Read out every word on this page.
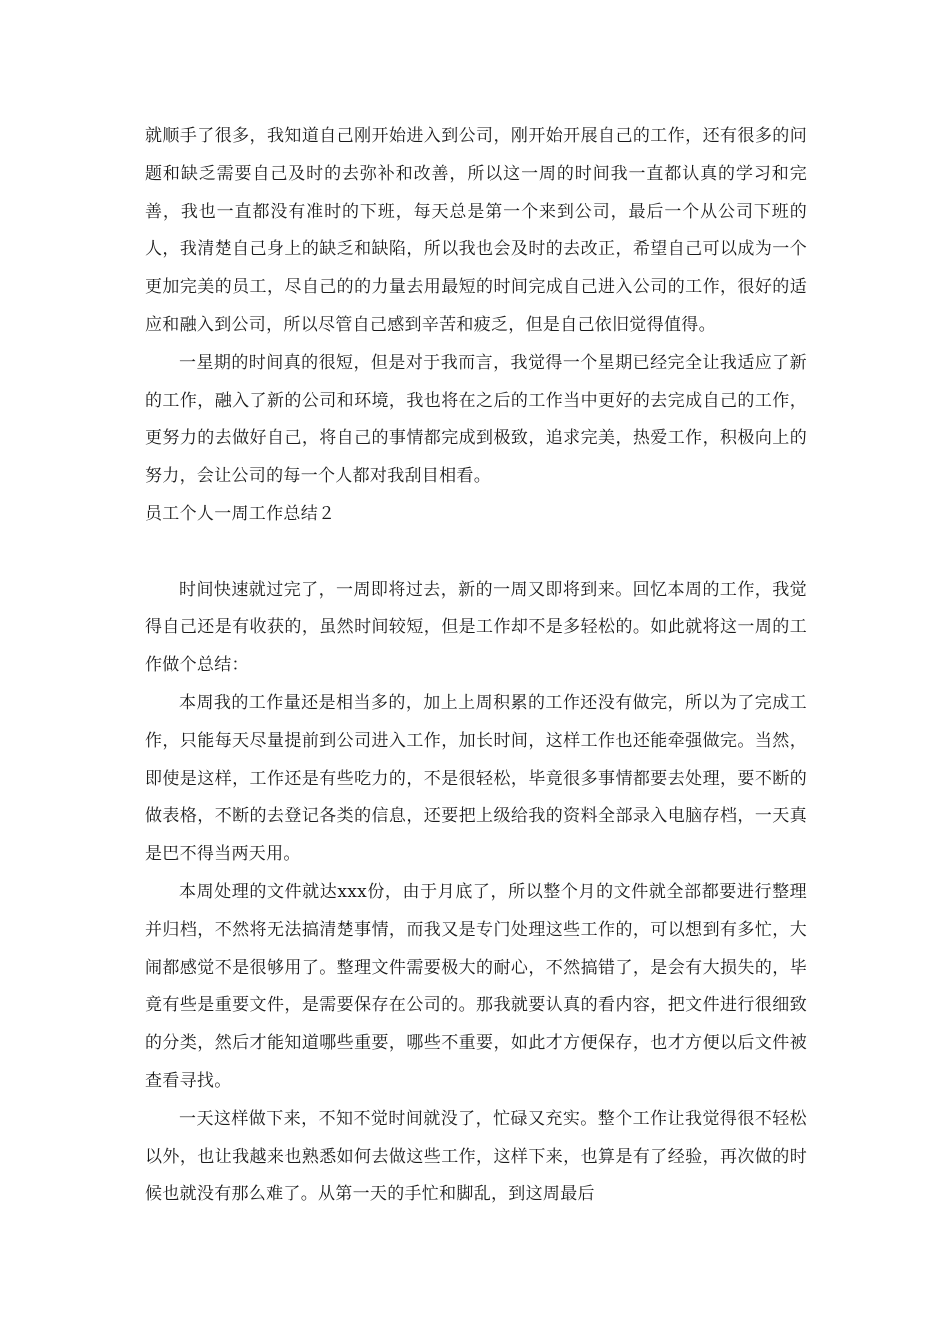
就顺手了很多，我知道自己刚开始进入到公司，刚开始开展自己的工作，还有很多的问题和缺乏需要自己及时的去弥补和改善，所以这一周的时间我一直都认真的学习和完善，我也一直都没有准时的下班，每天总是第一个来到公司，最后一个从公司下班的人，我清楚自己身上的缺乏和缺陷，所以我也会及时的去改正，希望自己可以成为一个更加完美的员工，尽自己的的力量去用最短的时间完成自己进入公司的工作，很好的适应和融入到公司，所以尽管自己感到辛苦和疲乏，但是自己依旧觉得值得。

一星期的时间真的很短，但是对于我而言，我觉得一个星期已经完全让我适应了新的工作，融入了新的公司和环境，我也将在之后的工作当中更好的去完成自己的工作，更努力的去做好自己，将自己的事情都完成到极致，追求完美，热爱工作，积极向上的努力，会让公司的每一个人都对我刮目相看。

员工个人一周工作总结２

时间快速就过完了，一周即将过去，新的一周又即将到来。回忆本周的工作，我觉得自己还是有收获的，虽然时间较短，但是工作却不是多轻松的。如此就将这一周的工作做个总结：

本周我的工作量还是相当多的，加上上周积累的工作还没有做完，所以为了完成工作，只能每天尽量提前到公司进入工作，加长时间，这样工作也还能牵强做完。当然，即使是这样，工作还是有些吃力的，不是很轻松，毕竟很多事情都要去处理，要不断的做表格，不断的去登记各类的信息，还要把上级给我的资料全部录入电脑存档，一天真是巴不得当两天用。

本周处理的文件就达xxx份，由于月底了，所以整个月的文件就全部都要进行整理并归档，不然将无法搞清楚事情，而我又是专门处理这些工作的，可以想到有多忙，大闹都感觉不是很够用了。整理文件需要极大的耐心，不然搞错了，是会有大损失的，毕竟有些是重要文件，是需要保存在公司的。那我就要认真的看内容，把文件进行很细致的分类，然后才能知道哪些重要，哪些不重要，如此才方便保存，也才方便以后文件被查看寻找。

一天这样做下来，不知不觉时间就没了，忙碌又充实。整个工作让我觉得很不轻松以外，也让我越来也熟悉如何去做这些工作，这样下来，也算是有了经验，再次做的时候也就没有那么难了。从第一天的手忙和脚乱，到这周最后
